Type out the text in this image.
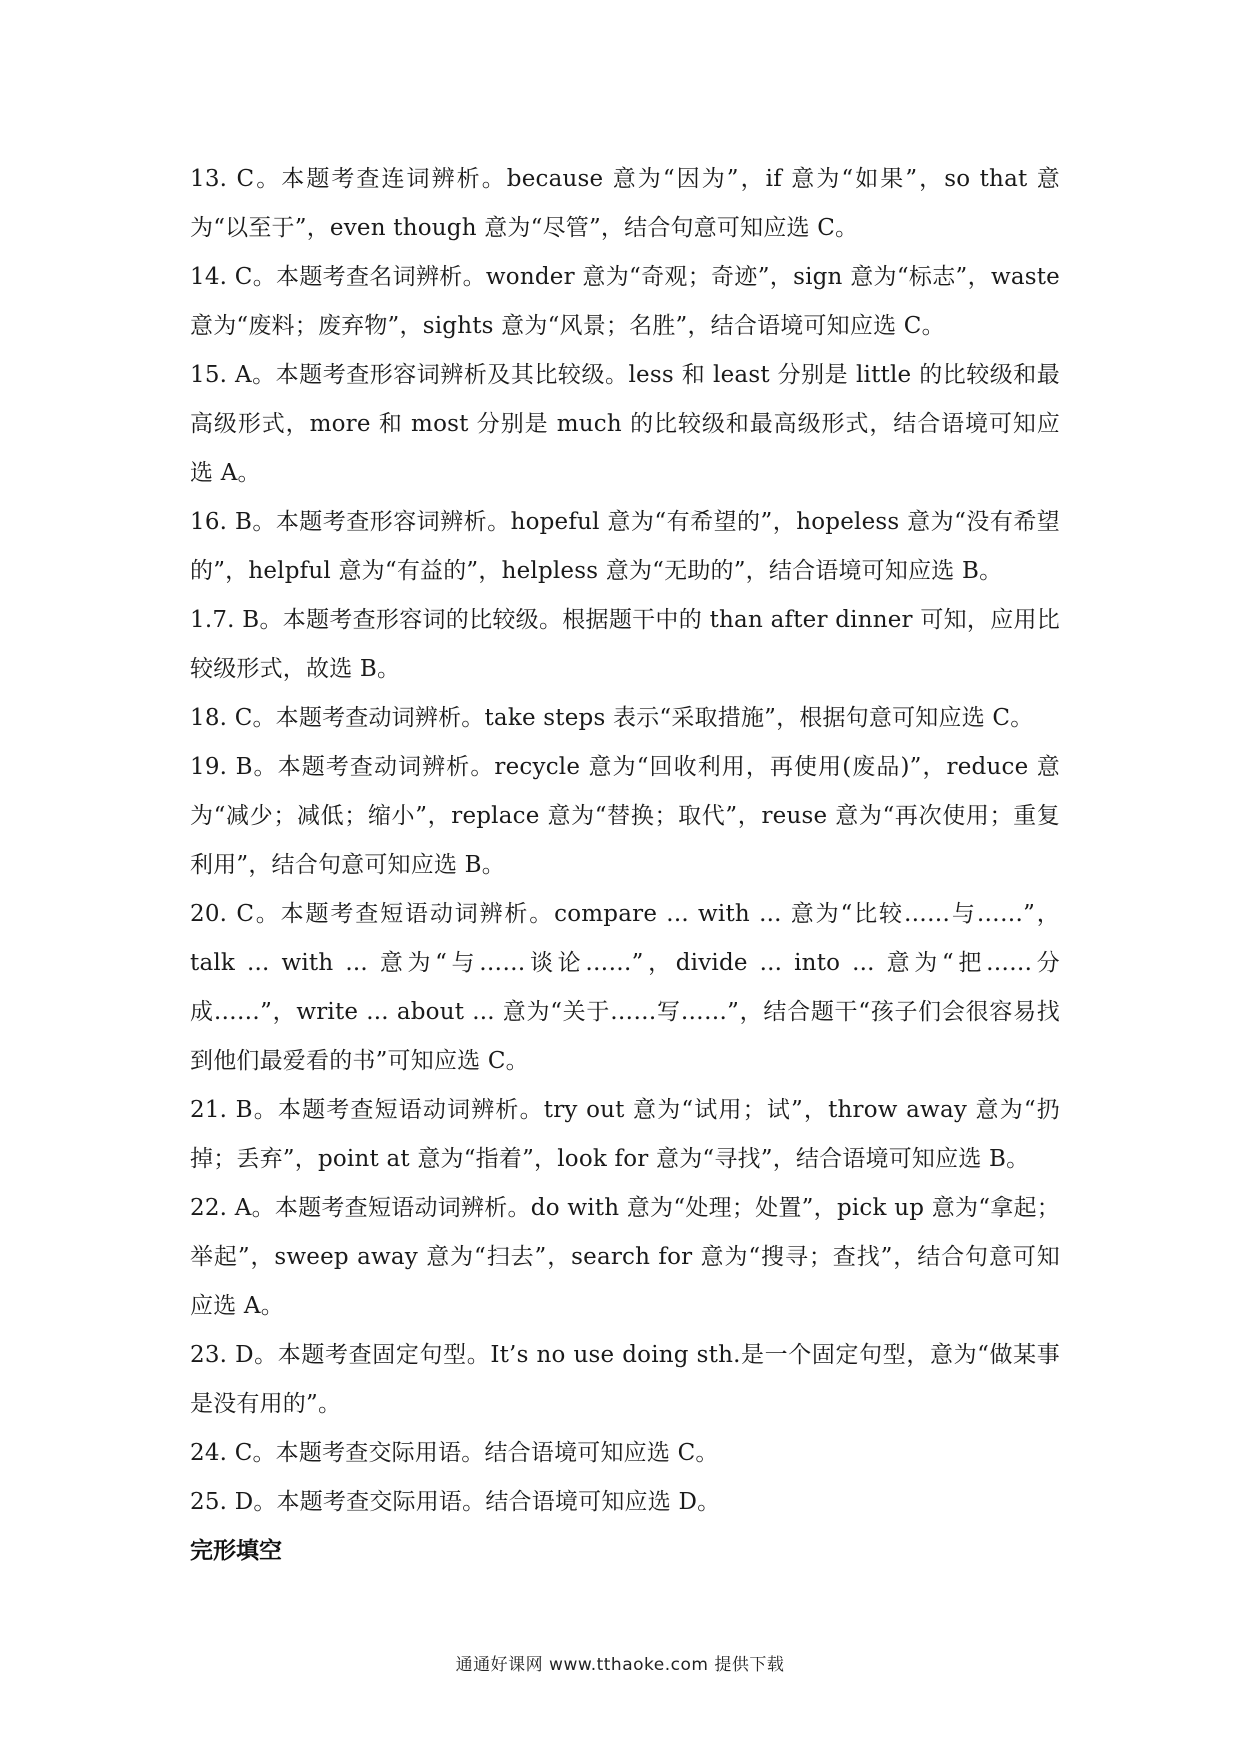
13. C。本题考查连词辨析。because 意为“因为”，if 意为“如果”，so that 意为“以至于”，even though 意为“尽管”，结合句意可知应选 C。

14. C。本题考查名词辨析。wonder 意为“奇观；奇迹”，sign 意为“标志”，waste 意为“废料；废弃物”，sights 意为“风景；名胜”，结合语境可知应选 C。

15. A。本题考查形容词辨析及其比较级。less 和 least 分别是 little 的比较级和最高级形式，more 和 most 分别是 much 的比较级和最高级形式，结合语境可知应选 A。

16. B。本题考查形容词辨析。hopeful 意为“有希望的”，hopeless 意为“没有希望的”，helpful 意为“有益的”，helpless 意为“无助的”，结合语境可知应选 B。

1.7. B。本题考查形容词的比较级。根据题干中的 than after dinner 可知，应用比较级形式，故选 B。

18. C。本题考查动词辨析。take steps 表示“采取措施”，根据句意可知应选 C。

19. B。本题考查动词辨析。recycle 意为“回收利用，再使用(废品)”，reduce 意为“减少；减低；缩小”，replace 意为“替换；取代”，reuse 意为“再次使用；重复利用”，结合句意可知应选 B。

20. C。本题考查短语动词辨析。compare ... with ... 意为“比较……与……”，talk ... with ... 意为“与……谈论……”，divide ... into ... 意为“把……分成……”，write ... about ... 意为“关于……写……”，结合题干“孩子们会很容易找到他们最爱看的书”可知应选 C。

21. B。本题考查短语动词辨析。try out 意为“试用；试”，throw away 意为“扔掉；丢弃”，point at 意为“指着”，look for 意为“寻找”，结合语境可知应选 B。

22. A。本题考查短语动词辨析。do with 意为“处理；处置”，pick up 意为“拿起；举起”，sweep away 意为“扫去”，search for 意为“搜寻；查找”，结合句意可知应选 A。

23. D。本题考查固定句型。It’s no use doing sth.是一个固定句型，意为“做某事是没有用的”。

24. C。本题考查交际用语。结合语境可知应选 C。

25. D。本题考查交际用语。结合语境可知应选 D。

完形填空

通通好课网 www.tthaoke.com 提供下载
